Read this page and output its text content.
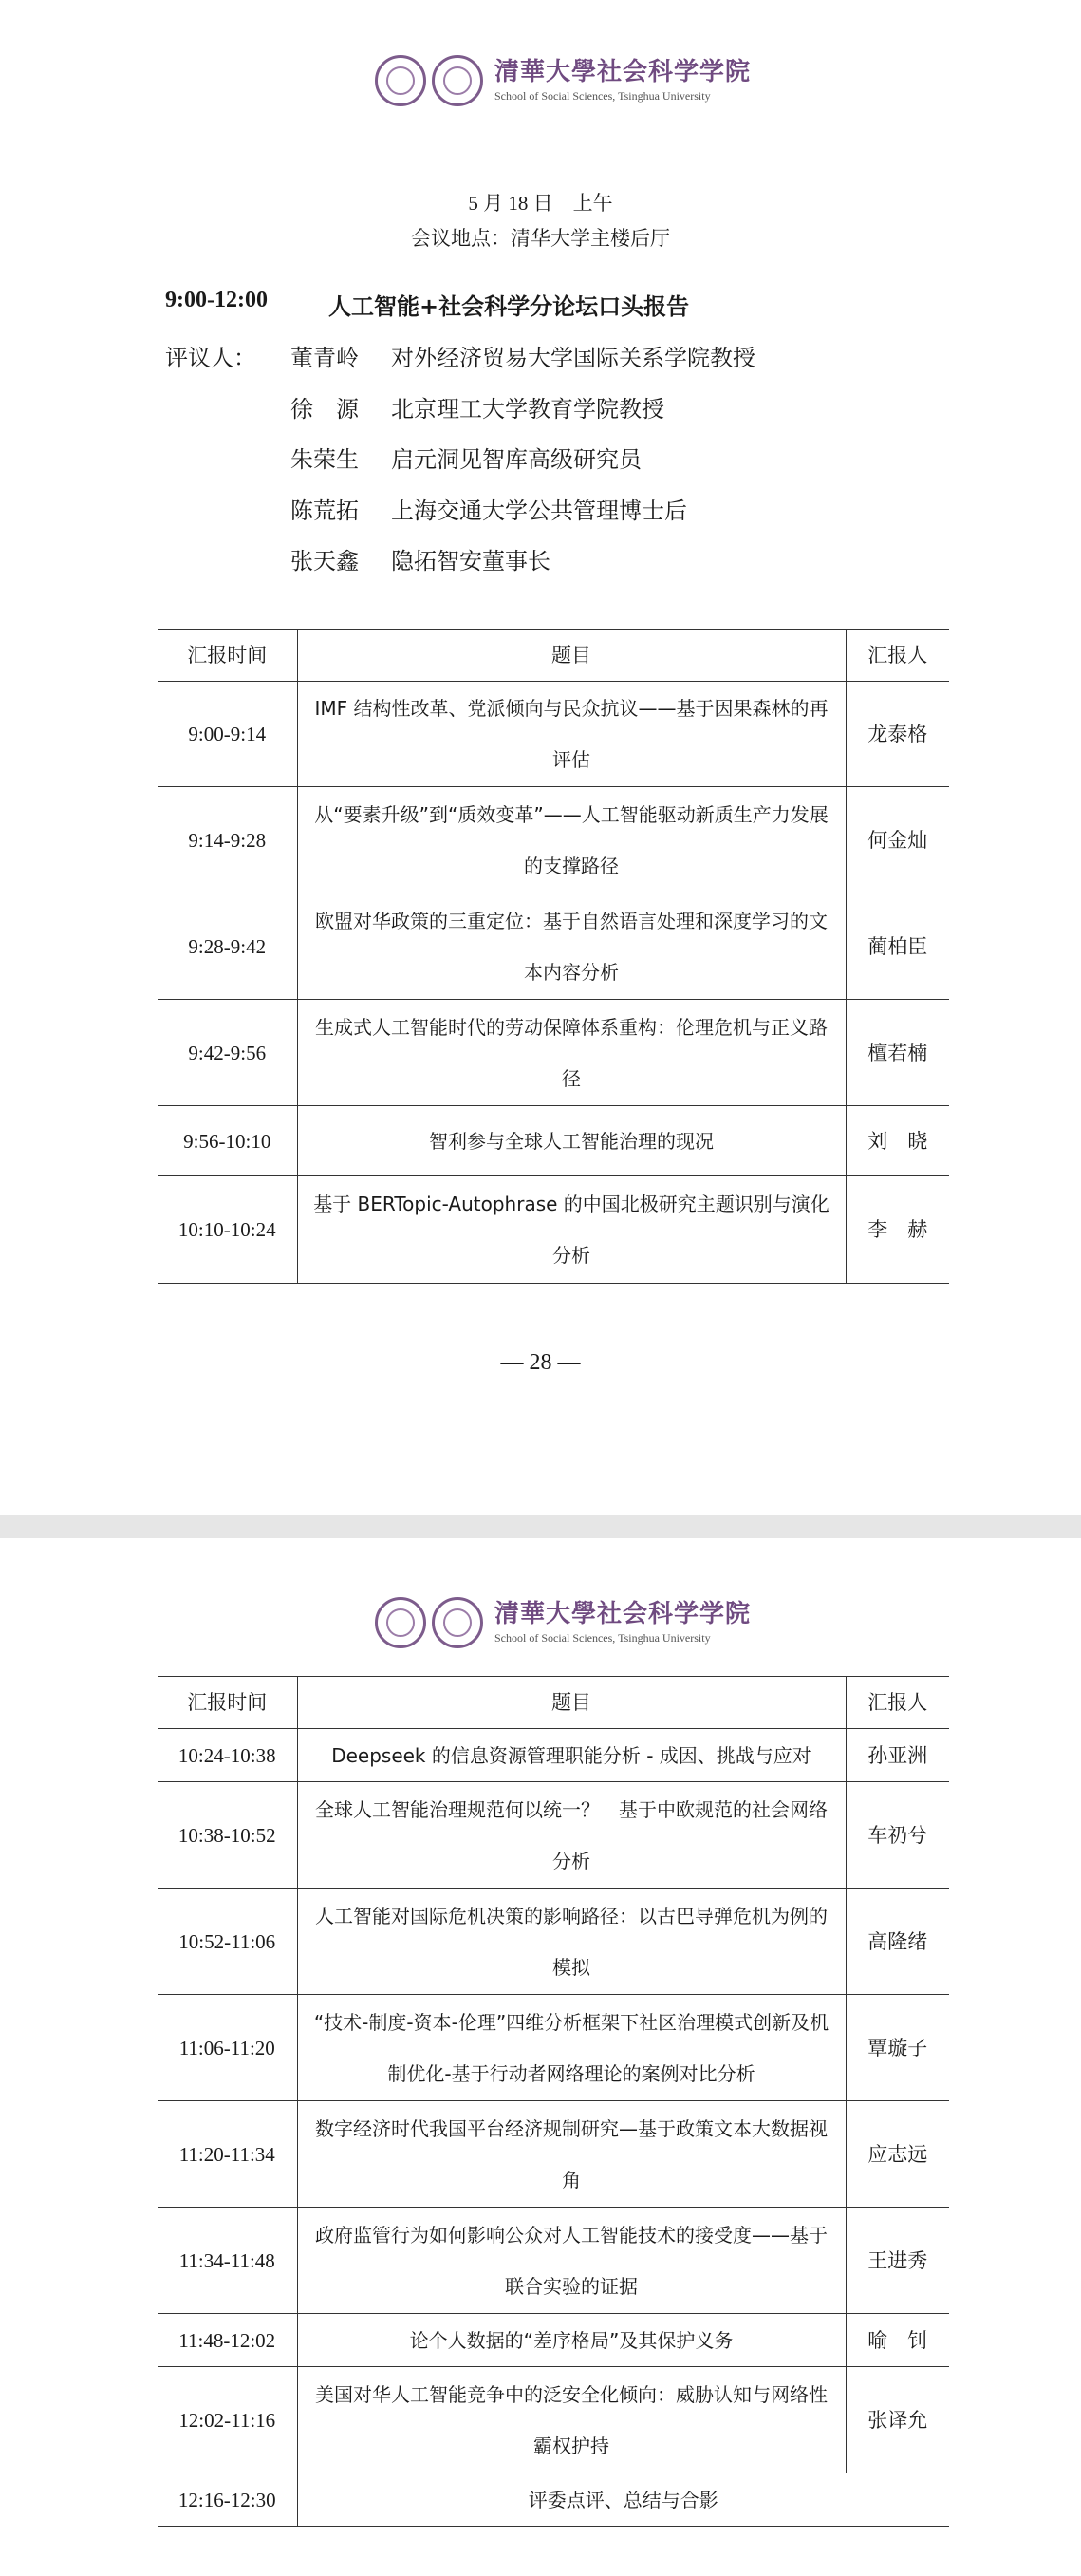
清華大學社会科学学院
School of Social Sciences, Tsinghua University
5 月 18 日　上午
会议地点：清华大学主楼后厅
9:00-12:00	人工智能+社会科学分论坛口头报告
评议人： 董青岭 对外经济贸易大学国际关系学院教授
徐　源 北京理工大学教育学院教授
朱荣生 启元洞见智库高级研究员
陈荒拓 上海交通大学公共管理博士后
张天鑫 隐拓智安董事长
汇报时间	题目	汇报人
9:00-9:14	IMF 结构性改革、党派倾向与民众抗议——基于因果森林的再评估	龙泰格
9:14-9:28	从“要素升级”到“质效变革”——人工智能驱动新质生产力发展的支撑路径	何金灿
9:28-9:42	欧盟对华政策的三重定位：基于自然语言处理和深度学习的文本内容分析	蔺柏臣
9:42-9:56	生成式人工智能时代的劳动保障体系重构：伦理危机与正义路径	檀若楠
9:56-10:10	智利参与全球人工智能治理的现况	刘　晓
10:10-10:24	基于 BERTopic-Autophrase 的中国北极研究主题识别与演化分析	李　赫
— 28 —
清華大學社会科学学院
School of Social Sciences, Tsinghua University
汇报时间	题目	汇报人
10:24-10:38	Deepseek 的信息资源管理职能分析 - 成因、挑战与应对	孙亚洲
10:38-10:52	全球人工智能治理规范何以统一？　基于中欧规范的社会网络分析	车礽兮
10:52-11:06	人工智能对国际危机决策的影响路径：以古巴导弹危机为例的模拟	高隆绪
11:06-11:20	“技术-制度-资本-伦理”四维分析框架下社区治理模式创新及机制优化-基于行动者网络理论的案例对比分析	覃璇子
11:20-11:34	数字经济时代我国平台经济规制研究—基于政策文本大数据视角	应志远
11:34-11:48	政府监管行为如何影响公众对人工智能技术的接受度——基于联合实验的证据	王进秀
11:48-12:02	论个人数据的“差序格局”及其保护义务	喻　钊
12:02-11:16	美国对华人工智能竞争中的泛安全化倾向：威胁认知与网络性霸权护持	张译允
12:16-12:30	评委点评、总结与合影	
